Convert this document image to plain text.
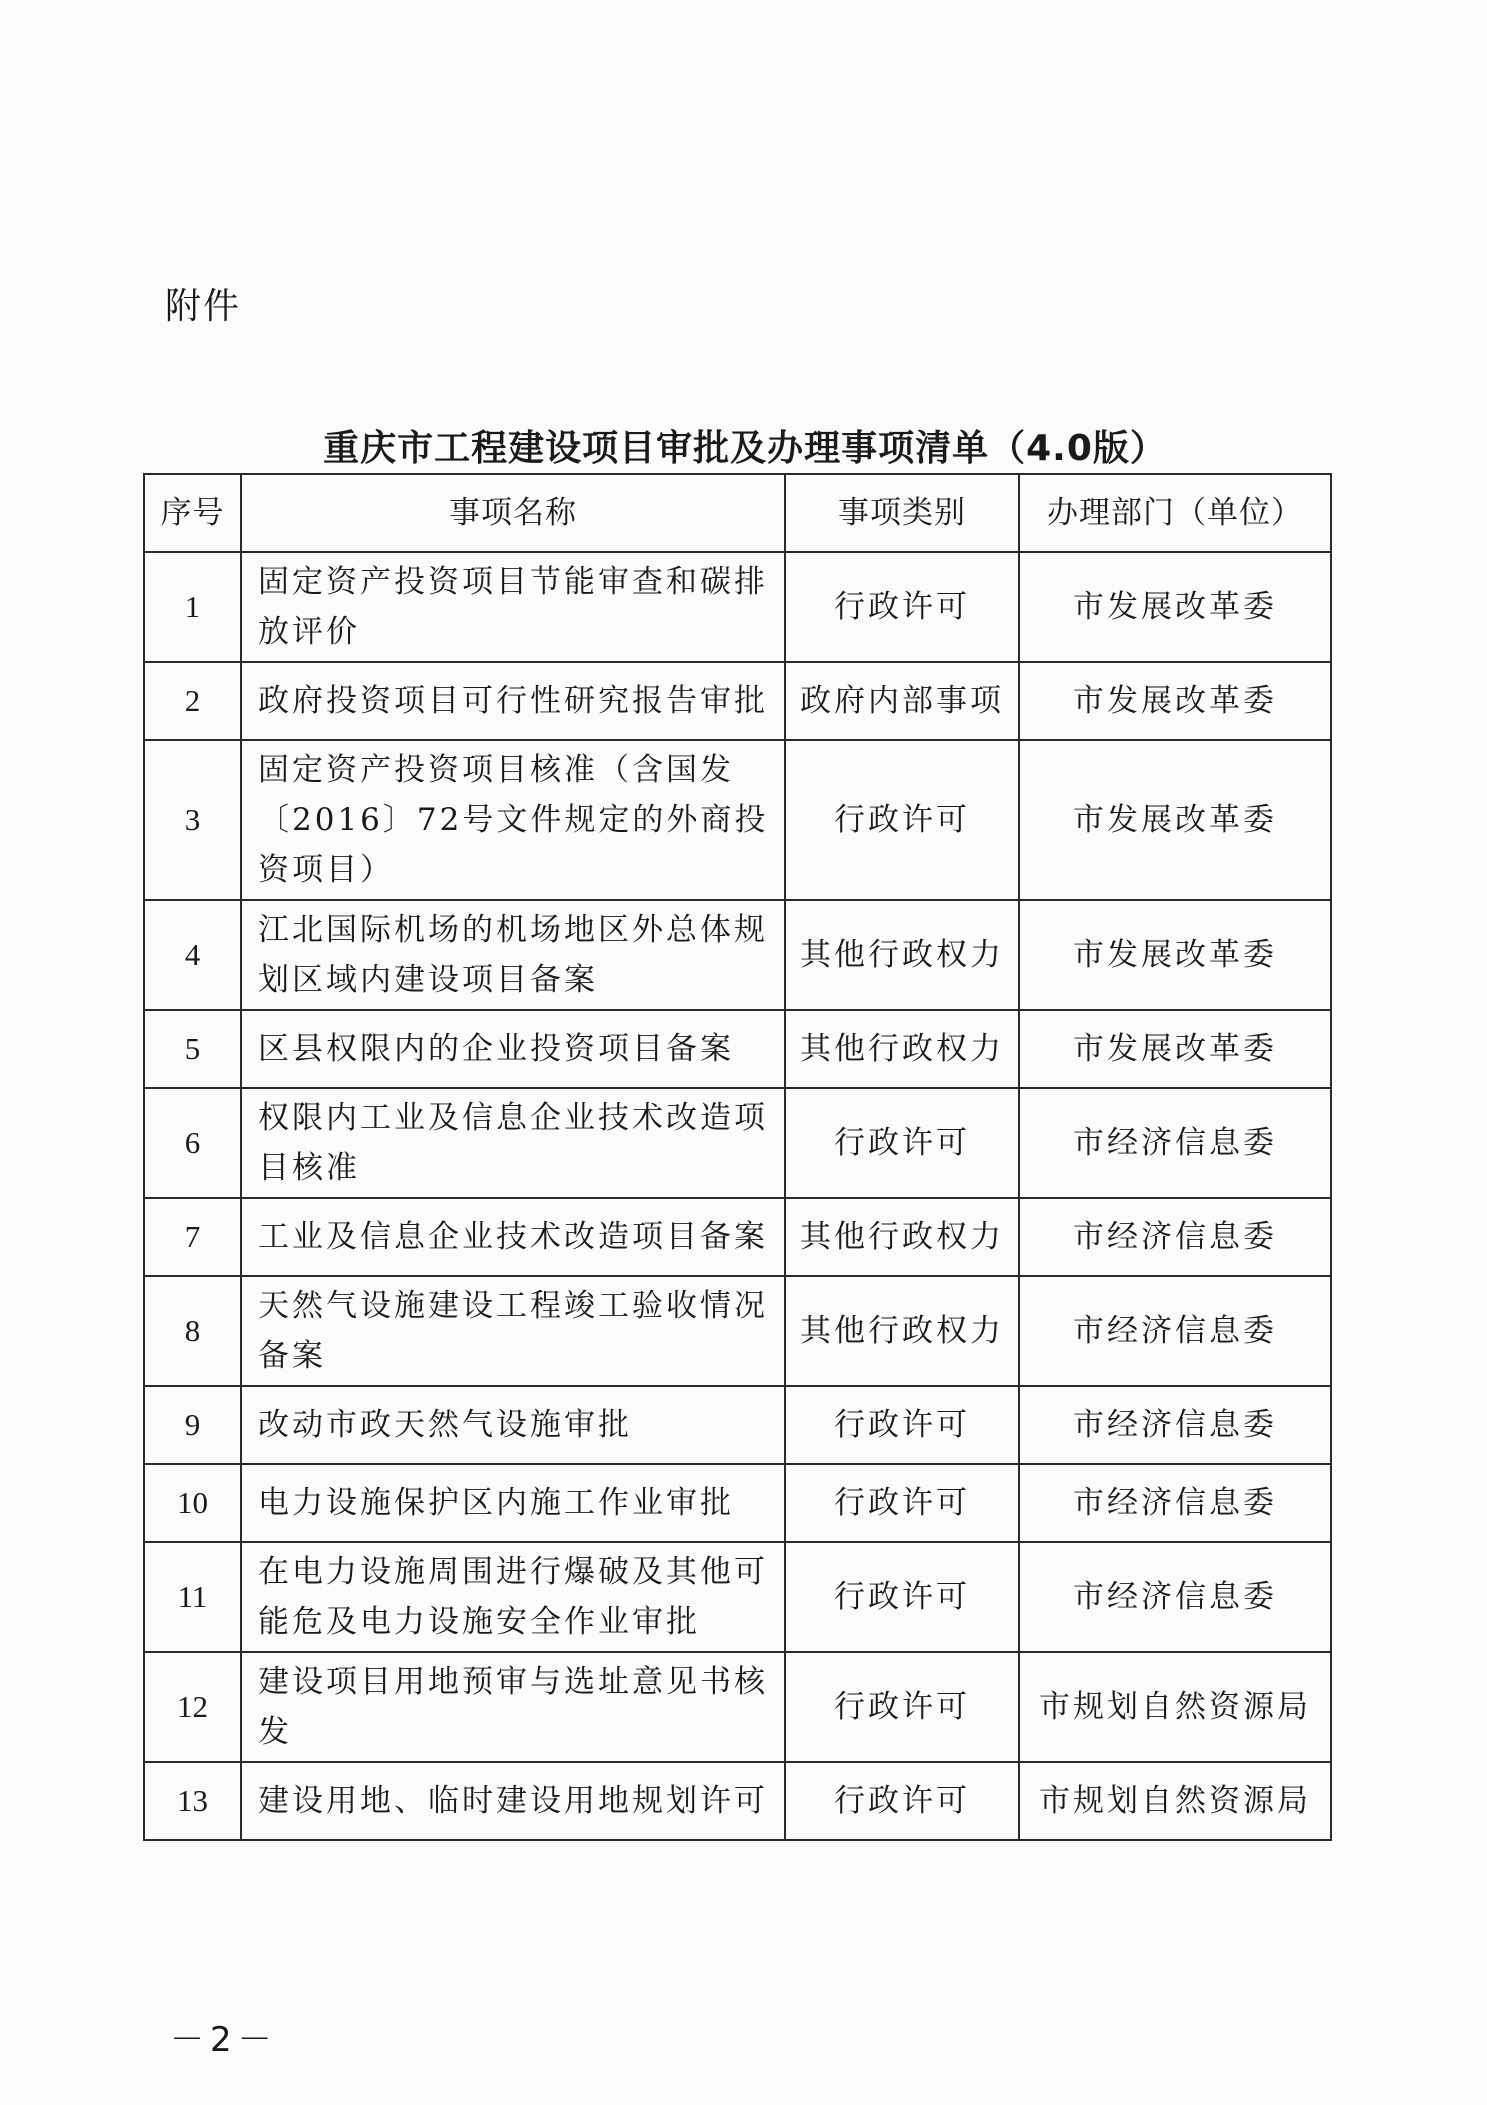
附件
重庆市工程建设项目审批及办理事项清单（4.0版）
序号	事项名称	事项类别	办理部门（单位）
1	固定资产投资项目节能审查和碳排放评价	行政许可	市发展改革委
2	政府投资项目可行性研究报告审批	政府内部事项	市发展改革委
3	固定资产投资项目核准（含国发〔2016〕72号文件规定的外商投资项目）	行政许可	市发展改革委
4	江北国际机场的机场地区外总体规划区域内建设项目备案	其他行政权力	市发展改革委
5	区县权限内的企业投资项目备案	其他行政权力	市发展改革委
6	权限内工业及信息企业技术改造项目核准	行政许可	市经济信息委
7	工业及信息企业技术改造项目备案	其他行政权力	市经济信息委
8	天然气设施建设工程竣工验收情况备案	其他行政权力	市经济信息委
9	改动市政天然气设施审批	行政许可	市经济信息委
10	电力设施保护区内施工作业审批	行政许可	市经济信息委
11	在电力设施周围进行爆破及其他可能危及电力设施安全作业审批	行政许可	市经济信息委
12	建设项目用地预审与选址意见书核发	行政许可	市规划自然资源局
13	建设用地、临时建设用地规划许可	行政许可	市规划自然资源局
－2－
